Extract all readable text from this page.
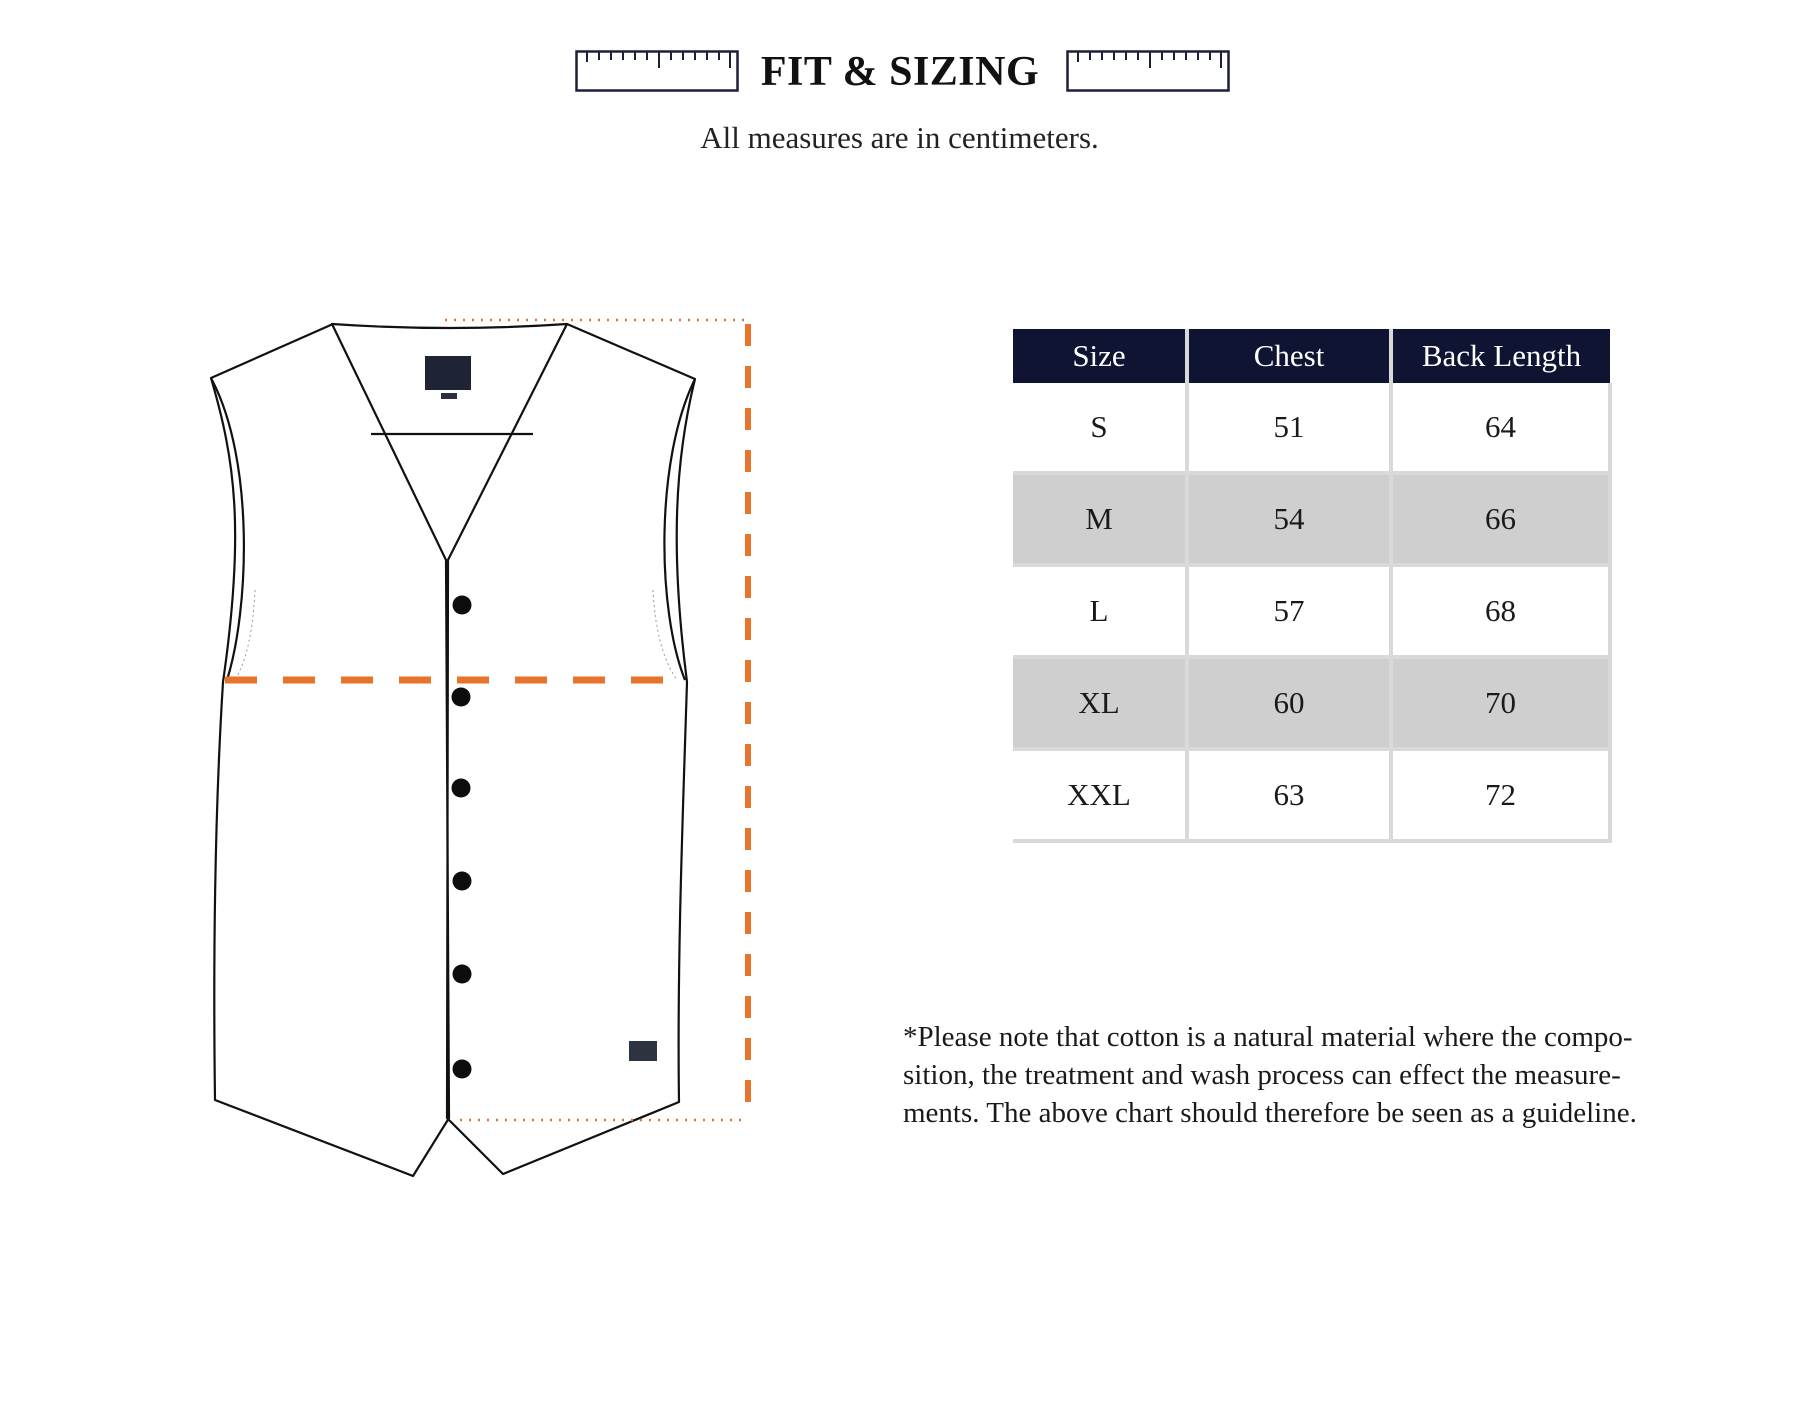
FIT & SIZING
All measures are in centimeters.
Size	Chest	Back Length
S	51	64
M	54	66
L	57	68
XL	60	70
XXL	63	72
*Please note that cotton is a natural material where the compo-
sition, the treatment and wash process can effect the measure-
ments. The above chart should therefore be seen as a guideline.
